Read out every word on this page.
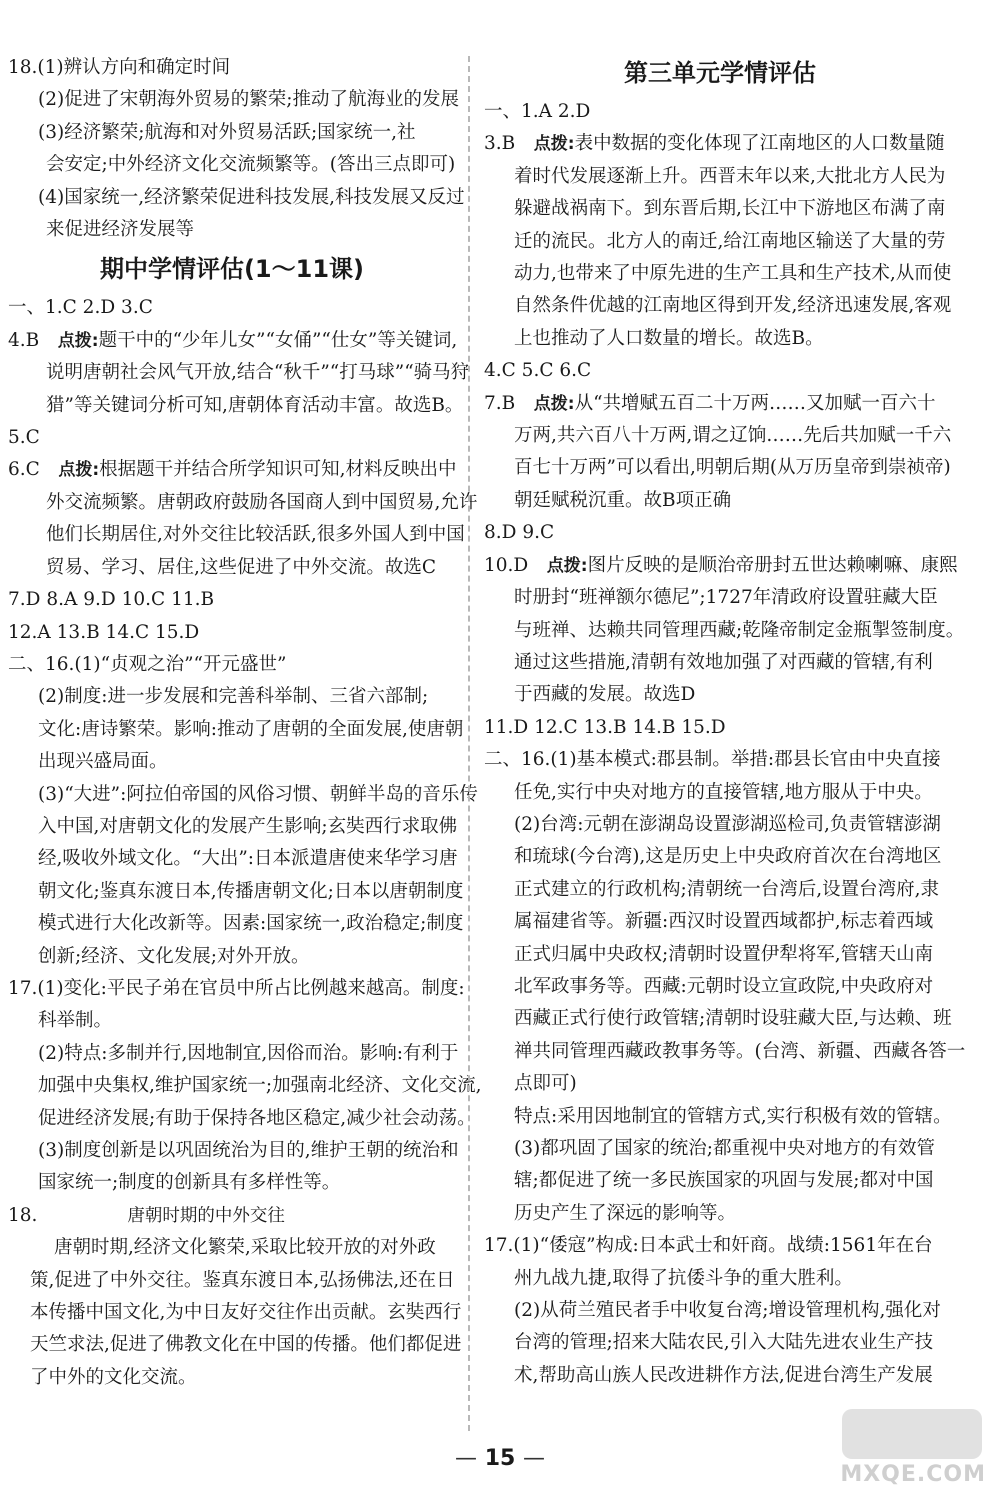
18.(1)辨认方向和确定时间
(2)促进了宋朝海外贸易的繁荣;推动了航海业的发展
(3)经济繁荣;航海和对外贸易活跃;国家统一,社
会安定;中外经济文化交流频繁等。(答出三点即可)
(4)国家统一,经济繁荣促进科技发展,科技发展又反过
来促进经济发展等
期中学情评估(1～11课)
一、1.C 2.D 3.C
4.B　 点拨:题干中的“少年儿女”“女俑”“仕女”等关键词,
说明唐朝社会风气开放,结合“秋千”“打马球”“骑马狩
猎”等关键词分析可知,唐朝体育活动丰富。故选B。
5.C
6.C　 点拨:根据题干并结合所学知识可知,材料反映出中
外交流频繁。唐朝政府鼓励各国商人到中国贸易,允许
他们长期居住,对外交往比较活跃,很多外国人到中国
贸易、学习、居住,这些促进了中外交流。故选C
7.D 8.A 9.D 10.C 11.B
12.A 13.B 14.C 15.D
二、16.(1)“贞观之治”“开元盛世”
(2)制度:进一步发展和完善科举制、三省六部制;
文化:唐诗繁荣。影响:推动了唐朝的全面发展,使唐朝
出现兴盛局面。
(3)“大进”:阿拉伯帝国的风俗习惯、朝鲜半岛的音乐传
入中国,对唐朝文化的发展产生影响;玄奘西行求取佛
经,吸收外域文化。“大出”:日本派遣唐使来华学习唐
朝文化;鉴真东渡日本,传播唐朝文化;日本以唐朝制度
模式进行大化改新等。因素:国家统一,政治稳定;制度
创新;经济、文化发展;对外开放。
17.(1)变化:平民子弟在官员中所占比例越来越高。制度:
科举制。
(2)特点:多制并行,因地制宜,因俗而治。影响:有利于
加强中央集权,维护国家统一;加强南北经济、文化交流,
促进经济发展;有助于保持各地区稳定,减少社会动荡。
(3)制度创新是以巩固统治为目的,维护王朝的统治和
国家统一;制度的创新具有多样性等。
18.	唐朝时期的中外交往
唐朝时期,经济文化繁荣,采取比较开放的对外政
策,促进了中外交往。鉴真东渡日本,弘扬佛法,还在日
本传播中国文化,为中日友好交往作出贡献。玄奘西行
天竺求法,促进了佛教文化在中国的传播。他们都促进
了中外的文化交流。
第三单元学情评估
一、1.A 2.D
3.B　 点拨:表中数据的变化体现了江南地区的人口数量随
着时代发展逐渐上升。西晋末年以来,大批北方人民为
躲避战祸南下。到东晋后期,长江中下游地区布满了南
迁的流民。北方人的南迁,给江南地区输送了大量的劳
动力,也带来了中原先进的生产工具和生产技术,从而使
自然条件优越的江南地区得到开发,经济迅速发展,客观
上也推动了人口数量的增长。故选B。
4.C 5.C 6.C
7.B　 点拨:从“共增赋五百二十万两……又加赋一百六十
万两,共六百八十万两,谓之辽饷……先后共加赋一千六
百七十万两”可以看出,明朝后期(从万历皇帝到崇祯帝)
朝廷赋税沉重。故B项正确
8.D 9.C
10.D　 点拨:图片反映的是顺治帝册封五世达赖喇嘛、康熙
时册封“班禅额尔德尼”;1727年清政府设置驻藏大臣
与班禅、达赖共同管理西藏;乾隆帝制定金瓶掣签制度。
通过这些措施,清朝有效地加强了对西藏的管辖,有利
于西藏的发展。故选D
11.D 12.C 13.B 14.B 15.D
二、16.(1)基本模式:郡县制。举措:郡县长官由中央直接
任免,实行中央对地方的直接管辖,地方服从于中央。
(2)台湾:元朝在澎湖岛设置澎湖巡检司,负责管辖澎湖
和琉球(今台湾),这是历史上中央政府首次在台湾地区
正式建立的行政机构;清朝统一台湾后,设置台湾府,隶
属福建省等。新疆:西汉时设置西域都护,标志着西域
正式归属中央政权;清朝时设置伊犁将军,管辖天山南
北军政事务等。西藏:元朝时设立宣政院,中央政府对
西藏正式行使行政管辖;清朝时设驻藏大臣,与达赖、班
禅共同管理西藏政教事务等。(台湾、新疆、西藏各答一
点即可)
特点:采用因地制宜的管辖方式,实行积极有效的管辖。
(3)都巩固了国家的统治;都重视中央对地方的有效管
辖;都促进了统一多民族国家的巩固与发展;都对中国
历史产生了深远的影响等。
17.(1)“倭寇”构成:日本武士和奸商。战绩:1561年在台
州九战九捷,取得了抗倭斗争的重大胜利。
(2)从荷兰殖民者手中收复台湾;增设管理机构,强化对
台湾的管理;招来大陆农民,引入大陆先进农业生产技
术,帮助高山族人民改进耕作方法,促进台湾生产发展
— 15 —
MXQE.COM
